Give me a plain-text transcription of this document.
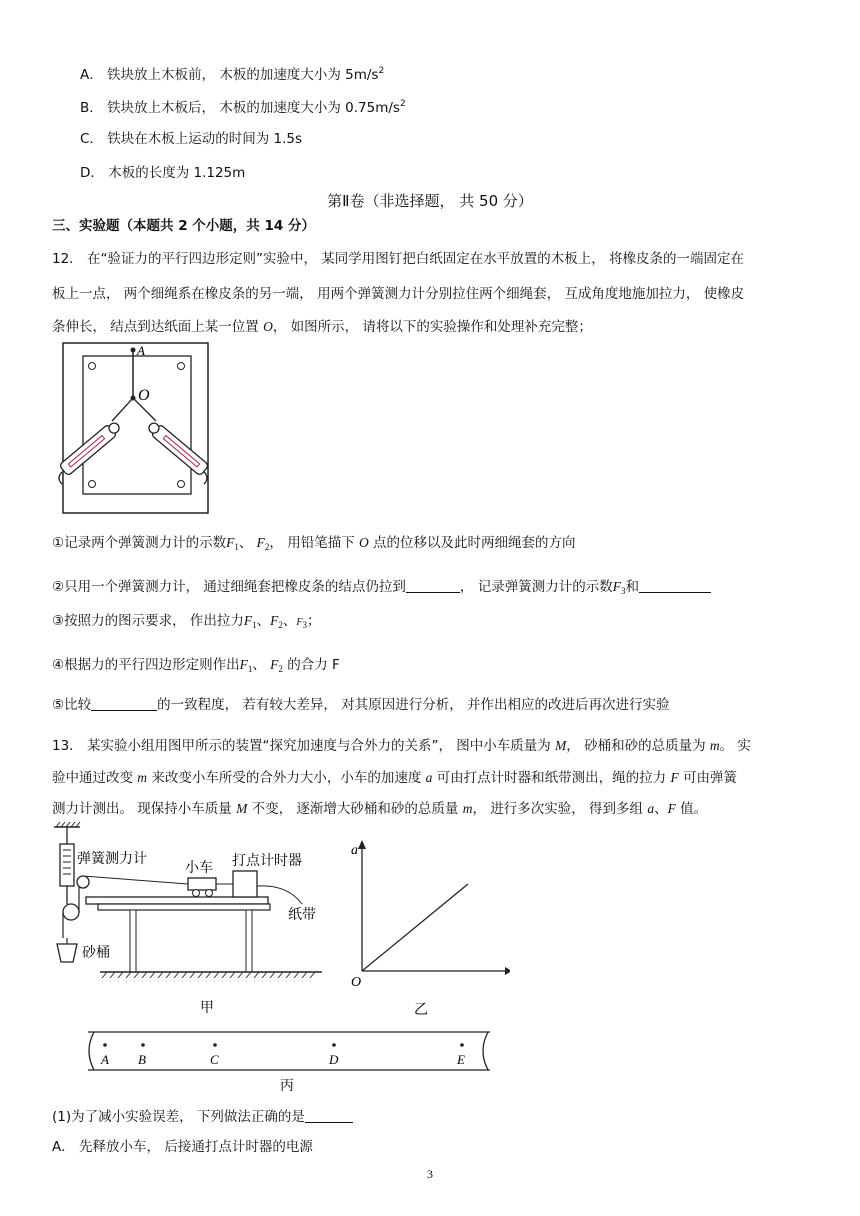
A． 铁块放上木板前， 木板的加速度大小为 $5m/s^2$
B． 铁块放上木板后， 木板的加速度大小为 $0.75m/s^2$
C． 铁块在木板上运动的时间为 1.5s
D． 木板的长度为 1.125m
第Ⅱ卷（非选择题， 共 50 分）
三、实验题（本题共 2 个小题，共 14 分）
12． 在“验证力的平行四边形定则”实验中， 某同学用图钉把白纸固定在水平放置的木板上， 将橡皮条的一端固定在
板上一点， 两个细绳系在橡皮条的另一端， 用两个弹簧测力计分别拉住两个细绳套， 互成角度地施加拉力， 使橡皮
条伸长， 结点到达纸面上某一位置 O， 如图所示， 请将以下的实验操作和处理补充完整；
A
O
①记录两个弹簧测力计的示数$F_1$、 $F_2$， 用铅笔描下 O 点的位移以及此时两细绳套的方向
②只用一个弹簧测力计， 通过细绳套把橡皮条的结点仍拉到	， 记录弹簧测力计的示数$F_3$和
③按照力的图示要求， 作出拉力$F_1$、$F_2$、$F_3$；
④根据力的平行四边形定则作出$F_1$、 $F_2$ 的合力 F
⑤比较	的一致程度， 若有较大差异， 对其原因进行分析， 并作出相应的改进后再次进行实验
13． 某实验小组用图甲所示的装置“探究加速度与合外力的关系”， 图中小车质量为 M， 砂桶和砂的总质量为 m。 实
验中通过改变 m 来改变小车所受的合外力大小，小车的加速度 a 可由打点计时器和纸带测出，绳的拉力 F 可由弹簧
测力计测出。 现保持小车质量 M 不变， 逐渐增大砂桶和砂的总质量 m， 进行多次实验， 得到多组 a、F 值。
砂桶
弹簧测力计
小车 打点计时器
纸带
甲
a
O
乙
A B	C	D	E
丙
(1)为了减小实验误差， 下列做法正确的是
A． 先释放小车， 后接通打点计时器的电源
3
